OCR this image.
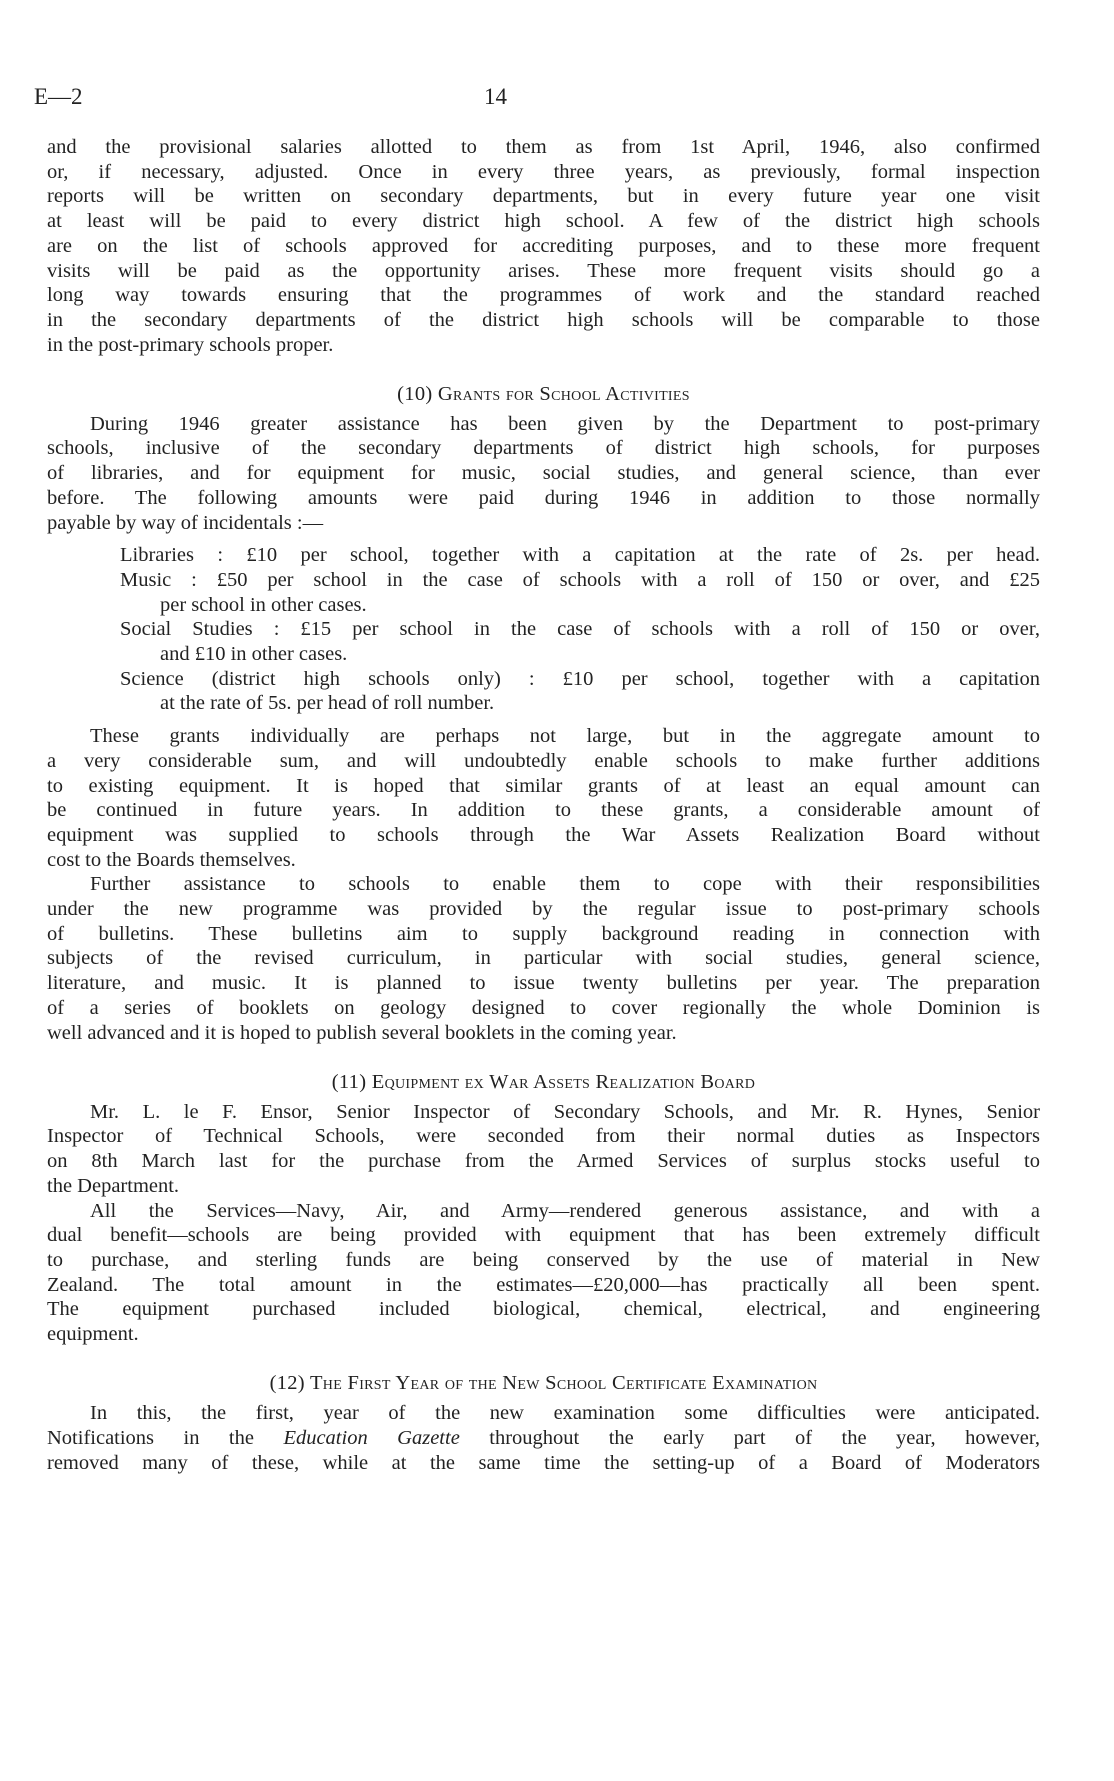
E—2	14
and the provisional salaries allotted to them as from 1st April, 1946, also confirmed
or, if necessary, adjusted. Once in every three years, as previously, formal inspection
reports will be written on secondary departments, but in every future year one visit
at least will be paid to every district high school. A few of the district high schools
are on the list of schools approved for accrediting purposes, and to these more frequent
visits will be paid as the opportunity arises. These more frequent visits should go a
long way towards ensuring that the programmes of work and the standard reached
in the secondary departments of the district high schools will be comparable to those
in the post-primary schools proper.
(10) Grants for School Activities
During 1946 greater assistance has been given by the Department to post-primary
schools, inclusive of the secondary departments of district high schools, for purposes
of libraries, and for equipment for music, social studies, and general science, than ever
before. The following amounts were paid during 1946 in addition to those normally
payable by way of incidentals :—
Libraries : £10 per school, together with a capitation at the rate of 2s. per head.
Music : £50 per school in the case of schools with a roll of 150 or over, and £25
per school in other cases.
Social Studies : £15 per school in the case of schools with a roll of 150 or over,
and £10 in other cases.
Science (district high schools only) : £10 per school, together with a capitation
at the rate of 5s. per head of roll number.
These grants individually are perhaps not large, but in the aggregate amount to
a very considerable sum, and will undoubtedly enable schools to make further additions
to existing equipment. It is hoped that similar grants of at least an equal amount can
be continued in future years. In addition to these grants, a considerable amount of
equipment was supplied to schools through the War Assets Realization Board without
cost to the Boards themselves.
Further assistance to schools to enable them to cope with their responsibilities
under the new programme was provided by the regular issue to post-primary schools
of bulletins. These bulletins aim to supply background reading in connection with
subjects of the revised curriculum, in particular with social studies, general science,
literature, and music. It is planned to issue twenty bulletins per year. The preparation
of a series of booklets on geology designed to cover regionally the whole Dominion is
well advanced and it is hoped to publish several booklets in the coming year.
(11) Equipment ex War Assets Realization Board
Mr. L. le F. Ensor, Senior Inspector of Secondary Schools, and Mr. R. Hynes, Senior
Inspector of Technical Schools, were seconded from their normal duties as Inspectors
on 8th March last for the purchase from the Armed Services of surplus stocks useful to
the Department.
All the Services—Navy, Air, and Army—rendered generous assistance, and with a
dual benefit—schools are being provided with equipment that has been extremely difficult
to purchase, and sterling funds are being conserved by the use of material in New
Zealand. The total amount in the estimates—£20,000—has practically all been spent.
The equipment purchased included biological, chemical, electrical, and engineering
equipment.
(12) The First Year of the New School Certificate Examination
In this, the first, year of the new examination some difficulties were anticipated.
Notifications in the Education Gazette throughout the early part of the year, however,
removed many of these, while at the same time the setting-up of a Board of Moderators
